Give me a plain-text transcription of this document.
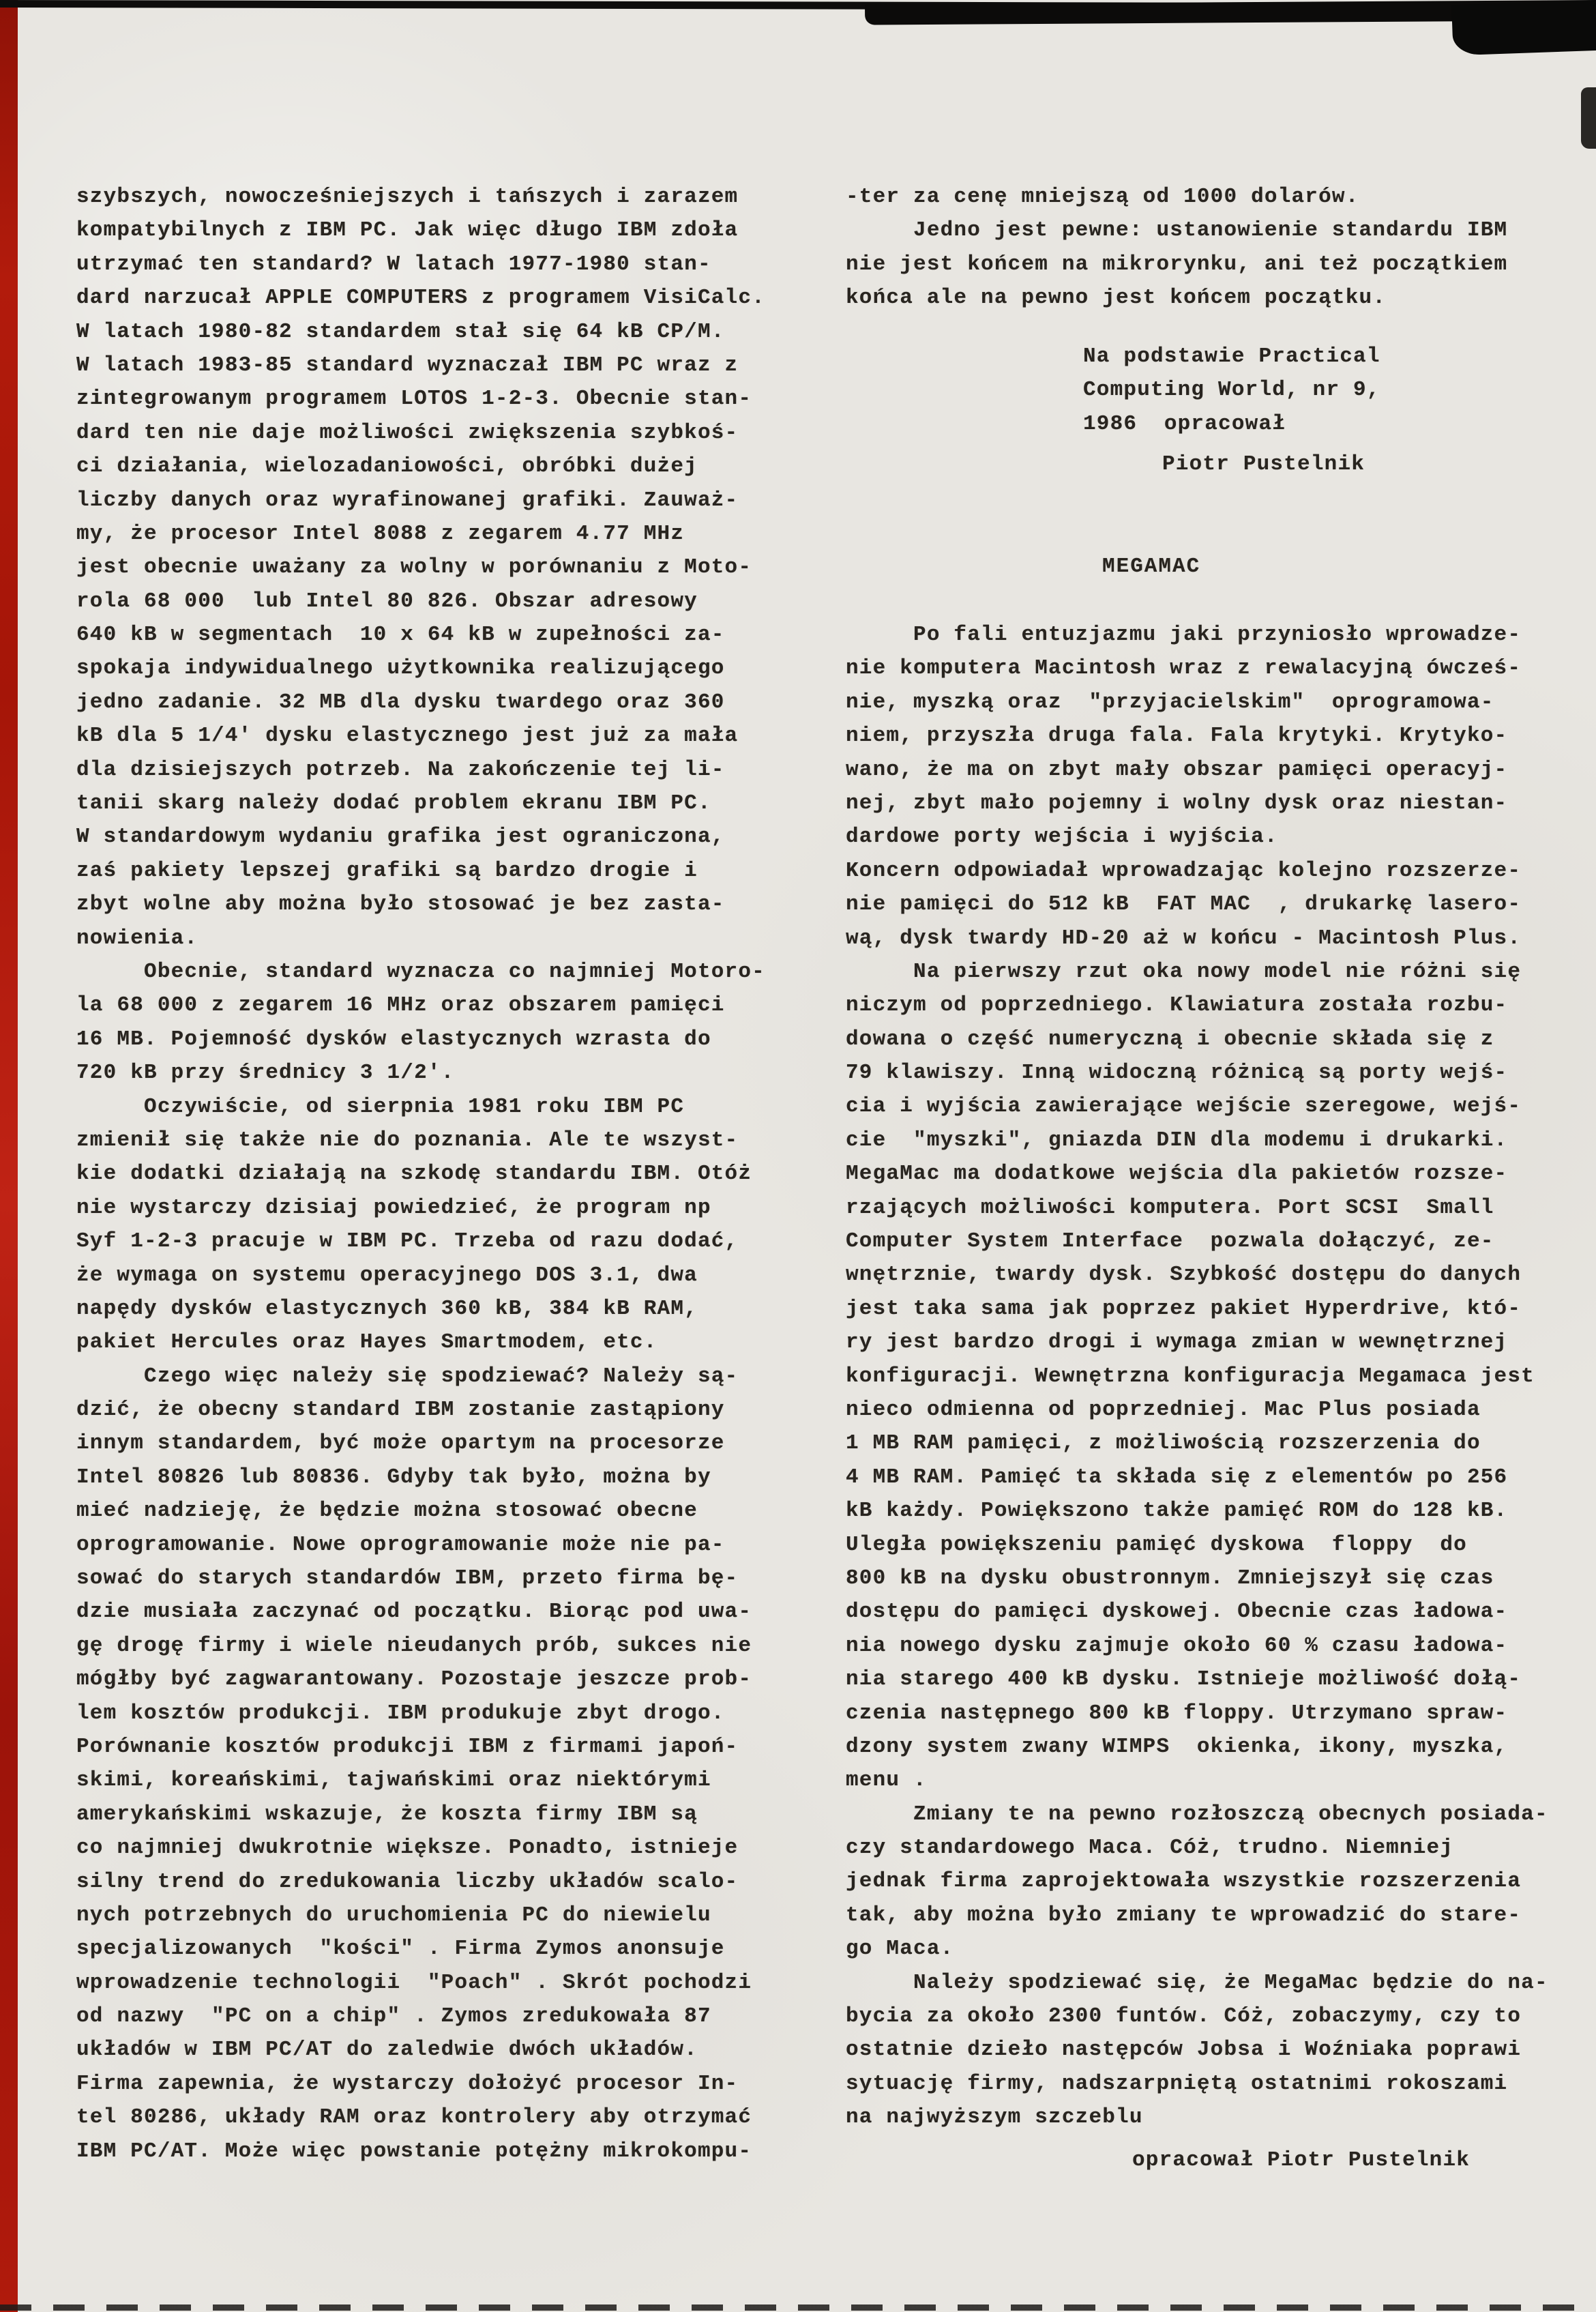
szybszych, nowocześniejszych i tańszych i zarazem
kompatybilnych z IBM PC. Jak więc długo IBM zdoła
utrzymać ten standard? W latach 1977-1980 stan-
dard narzucał APPLE COMPUTERS z programem VisiCalc.
W latach 1980-82 standardem stał się 64 kB CP/M.
W latach 1983-85 standard wyznaczał IBM PC wraz z
zintegrowanym programem LOTOS 1-2-3. Obecnie stan-
dard ten nie daje możliwości zwiększenia szybkoś-
ci działania, wielozadaniowości, obróbki dużej
liczby danych oraz wyrafinowanej grafiki. Zauważ-
my, że procesor Intel 8088 z zegarem 4.77 MHz
jest obecnie uważany za wolny w porównaniu z Moto-
rola 68 000  lub Intel 80 826. Obszar adresowy
640 kB w segmentach  10 x 64 kB w zupełności za-
spokaja indywidualnego użytkownika realizującego
jedno zadanie. 32 MB dla dysku twardego oraz 360
kB dla 5 1/4' dysku elastycznego jest już za mała
dla dzisiejszych potrzeb. Na zakończenie tej li-
tanii skarg należy dodać problem ekranu IBM PC.
W standardowym wydaniu grafika jest ograniczona,
zaś pakiety lepszej grafiki są bardzo drogie i
zbyt wolne aby można było stosować je bez zasta-
nowienia.
Obecnie, standard wyznacza co najmniej Motoro-
la 68 000 z zegarem 16 MHz oraz obszarem pamięci
16 MB. Pojemność dysków elastycznych wzrasta do
720 kB przy średnicy 3 1/2'.
Oczywiście, od sierpnia 1981 roku IBM PC
zmienił się także nie do poznania. Ale te wszyst-
kie dodatki działają na szkodę standardu IBM. Otóż
nie wystarczy dzisiaj powiedzieć, że program np
Syf 1-2-3 pracuje w IBM PC. Trzeba od razu dodać,
że wymaga on systemu operacyjnego DOS 3.1, dwa
napędy dysków elastycznych 360 kB, 384 kB RAM,
pakiet Hercules oraz Hayes Smartmodem, etc.
Czego więc należy się spodziewać? Należy są-
dzić, że obecny standard IBM zostanie zastąpiony
innym standardem, być może opartym na procesorze
Intel 80826 lub 80836. Gdyby tak było, można by
mieć nadzieję, że będzie można stosować obecne
oprogramowanie. Nowe oprogramowanie może nie pa-
sować do starych standardów IBM, przeto firma bę-
dzie musiała zaczynać od początku. Biorąc pod uwa-
gę drogę firmy i wiele nieudanych prób, sukces nie
mógłby być zagwarantowany. Pozostaje jeszcze prob-
lem kosztów produkcji. IBM produkuje zbyt drogo.
Porównanie kosztów produkcji IBM z firmami japoń-
skimi, koreańskimi, tajwańskimi oraz niektórymi
amerykańskimi wskazuje, że koszta firmy IBM są
co najmniej dwukrotnie większe. Ponadto, istnieje
silny trend do zredukowania liczby układów scalo-
nych potrzebnych do uruchomienia PC do niewielu
specjalizowanych  "kości" . Firma Zymos anonsuje
wprowadzenie technologii  "Poach" . Skrót pochodzi
od nazwy  "PC on a chip" . Zymos zredukowała 87
układów w IBM PC/AT do zaledwie dwóch układów.
Firma zapewnia, że wystarczy dołożyć procesor In-
tel 80286, układy RAM oraz kontrolery aby otrzymać
IBM PC/AT. Może więc powstanie potężny mikrokompu-
-ter za cenę mniejszą od 1000 dolarów.
Jedno jest pewne: ustanowienie standardu IBM
nie jest końcem na mikrorynku, ani też początkiem
końca ale na pewno jest końcem początku.
Na podstawie Practical
Computing World, nr 9,
1986  opracował
Piotr Pustelnik
MEGAMAC
Po fali entuzjazmu jaki przyniosło wprowadze-
nie komputera Macintosh wraz z rewalacyjną ówcześ-
nie, myszką oraz  "przyjacielskim"  oprogramowa-
niem, przyszła druga fala. Fala krytyki. Krytyko-
wano, że ma on zbyt mały obszar pamięci operacyj-
nej, zbyt mało pojemny i wolny dysk oraz niestan-
dardowe porty wejścia i wyjścia.
Koncern odpowiadał wprowadzając kolejno rozszerze-
nie pamięci do 512 kB  FAT MAC  , drukarkę lasero-
wą, dysk twardy HD-20 aż w końcu - Macintosh Plus.
Na pierwszy rzut oka nowy model nie różni się
niczym od poprzedniego. Klawiatura została rozbu-
dowana o część numeryczną i obecnie składa się z
79 klawiszy. Inną widoczną różnicą są porty wejś-
cia i wyjścia zawierające wejście szeregowe, wejś-
cie  "myszki", gniazda DIN dla modemu i drukarki.
MegaMac ma dodatkowe wejścia dla pakietów rozsze-
rzających możliwości komputera. Port SCSI  Small
Computer System Interface  pozwala dołączyć, ze-
wnętrznie, twardy dysk. Szybkość dostępu do danych
jest taka sama jak poprzez pakiet Hyperdrive, któ-
ry jest bardzo drogi i wymaga zmian w wewnętrznej
konfiguracji. Wewnętrzna konfiguracja Megamaca jest
nieco odmienna od poprzedniej. Mac Plus posiada
1 MB RAM pamięci, z możliwością rozszerzenia do
4 MB RAM. Pamięć ta składa się z elementów po 256
kB każdy. Powiększono także pamięć ROM do 128 kB.
Uległa powiększeniu pamięć dyskowa  floppy  do
800 kB na dysku obustronnym. Zmniejszył się czas
dostępu do pamięci dyskowej. Obecnie czas ładowa-
nia nowego dysku zajmuje około 60 % czasu ładowa-
nia starego 400 kB dysku. Istnieje możliwość dołą-
czenia następnego 800 kB floppy. Utrzymano spraw-
dzony system zwany WIMPS  okienka, ikony, myszka,
menu .
Zmiany te na pewno rozłoszczą obecnych posiada-
czy standardowego Maca. Cóż, trudno. Niemniej
jednak firma zaprojektowała wszystkie rozszerzenia
tak, aby można było zmiany te wprowadzić do stare-
go Maca.
Należy spodziewać się, że MegaMac będzie do na-
bycia za około 2300 funtów. Cóż, zobaczymy, czy to
ostatnie dzieło następców Jobsa i Woźniaka poprawi
sytuację firmy, nadszarpniętą ostatnimi rokoszami
na najwyższym szczeblu
opracował Piotr Pustelnik
